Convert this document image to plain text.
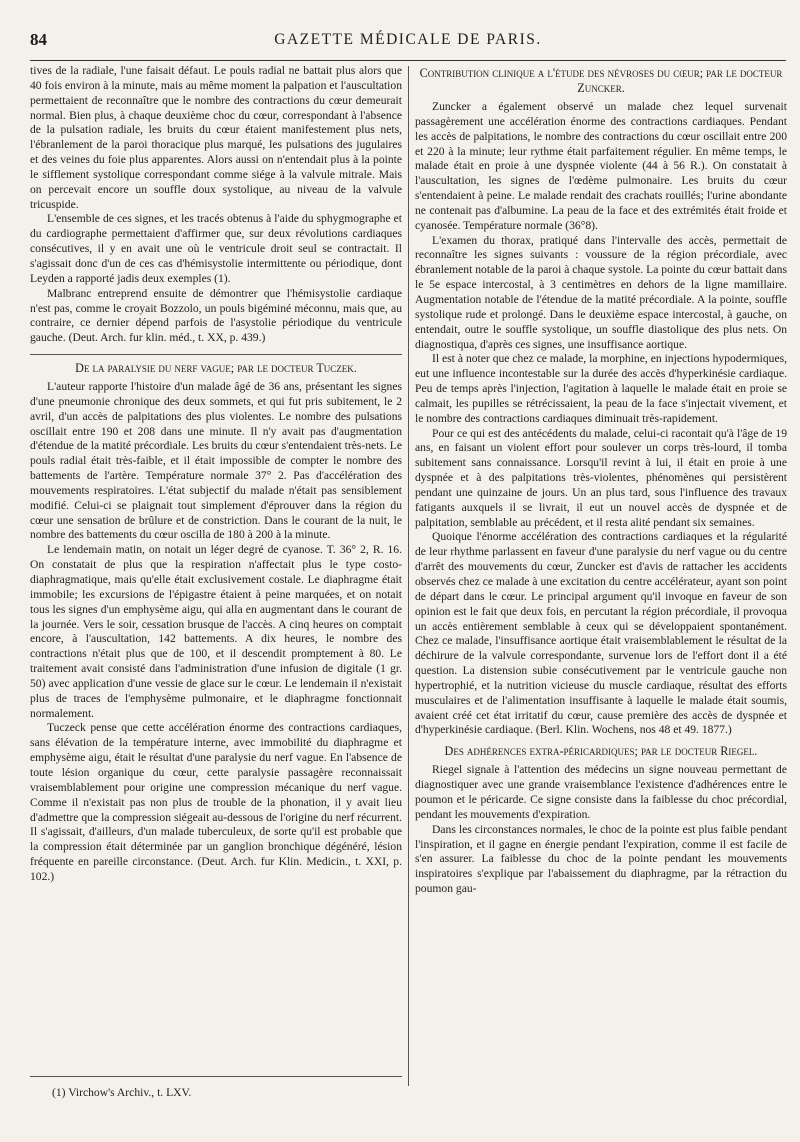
84	GAZETTE MÉDICALE DE PARIS.

tives de la radiale, l'une faisait défaut. Le pouls radial ne battait plus alors que 40 fois environ à la minute, mais au même moment la palpation et l'auscultation permettaient de reconnaître que le nombre des contractions du cœur demeurait normal. Bien plus, à chaque deuxième choc du cœur, correspondant à l'absence de la pulsation radiale, les bruits du cœur étaient manifestement plus nets, l'ébranlement de la paroi thoracique plus marqué, les pulsations des jugulaires et des veines du foie plus apparentes. Alors aussi on n'entendait plus à la pointe le sifflement systolique correspondant comme siége à la valvule mitrale. Mais on percevait encore un souffle doux systolique, au niveau de la valvule tricuspide.

L'ensemble de ces signes, et les tracés obtenus à l'aide du sphygmographe et du cardiographe permettaient d'affirmer que, sur deux révolutions cardiaques consécutives, il y en avait une où le ventricule droit seul se contractait. Il s'agissait donc d'un de ces cas d'hémisystolie intermittente ou périodique, dont Leyden a rapporté jadis deux exemples (1).

Malbranc entreprend ensuite de démontrer que l'hémisystolie cardiaque n'est pas, comme le croyait Bozzolo, un pouls bigéminé méconnu, mais que, au contraire, ce dernier dépend parfois de l'asystolie périodique du ventricule gauche. (Deut. Arch. fur klin. méd., t. XX, p. 439.)

De la paralysie du nerf vague; par le docteur Tuczek.

L'auteur rapporte l'histoire d'un malade âgé de 36 ans, présentant les signes d'une pneumonie chronique des deux sommets, et qui fut pris subitement, le 2 avril, d'un accès de palpitations des plus violentes. Le nombre des pulsations oscillait entre 190 et 208 dans une minute. Il n'y avait pas d'augmentation d'étendue de la matité précordiale. Les bruits du cœur s'entendaient très-nets. Le pouls radial était très-faible, et il était impossible de compter le nombre des battements de l'artère. Température normale 37° 2. Pas d'accélération des mouvements respiratoires. L'état subjectif du malade n'était pas sensiblement modifié. Celui-ci se plaignait tout simplement d'éprouver dans la région du cœur une sensation de brûlure et de constriction. Dans le courant de la nuit, le nombre des battements du cœur oscilla de 180 à 200 à la minute.

Le lendemain matin, on notait un léger degré de cyanose. T. 36° 2, R. 16. On constatait de plus que la respiration n'affectait plus le type costo-diaphragmatique, mais qu'elle était exclusivement costale. Le diaphragme était immobile; les excursions de l'épigastre étaient à peine marquées, et on notait tous les signes d'un emphysème aigu, qui alla en augmentant dans le courant de la journée. Vers le soir, cessation brusque de l'accès. A cinq heures on comptait encore, à l'auscultation, 142 battements. A dix heures, le nombre des contractions n'était plus que de 100, et il descendit promptement à 80. Le traitement avait consisté dans l'administration d'une infusion de digitale (1 gr. 50) avec application d'une vessie de glace sur le cœur. Le lendemain il n'existait plus de traces de l'emphysème pulmonaire, et le diaphragme fonctionnait normalement.

Tuczeck pense que cette accélération énorme des contractions cardiaques, sans élévation de la température interne, avec immobilité du diaphragme et emphysème aigu, était le résultat d'une paralysie du nerf vague. En l'absence de toute lésion organique du cœur, cette paralysie passagère reconnaissait vraisemblablement pour origine une compression mécanique du nerf vague. Comme il n'existait pas non plus de trouble de la phonation, il y avait lieu d'admettre que la compression siégeait au-dessous de l'origine du nerf récurrent. Il s'agissait, d'ailleurs, d'un malade tuberculeux, de sorte qu'il est probable que la compression était déterminée par un ganglion bronchique dégénéré, lésion fréquente en pareille circonstance. (Deut. Arch. fur Klin. Medicin., t. XXI, p. 102.)

Contribution clinique a l'étude des névroses du cœur; par le docteur Zuncker.

Zuncker a également observé un malade chez lequel survenait passagèrement une accélération énorme des contractions cardiaques. Pendant les accès de palpitations, le nombre des contractions du cœur oscillait entre 200 et 220 à la minute; leur rythme était parfaitement régulier. En même temps, le malade était en proie à une dyspnée violente (44 à 56 R.). On constatait à l'auscultation, les signes de l'œdème pulmonaire. Les bruits du cœur s'entendaient à peine. Le malade rendait des crachats rouillés; l'urine abondante ne contenait pas d'albumine. La peau de la face et des extrémités était froide et cyanosée. Température normale (36°8).

L'examen du thorax, pratiqué dans l'intervalle des accès, permettait de reconnaître les signes suivants : voussure de la région précordiale, avec ébranlement notable de la paroi à chaque systole. La pointe du cœur battait dans le 5e espace intercostal, à 3 centimètres en dehors de la ligne mamillaire. Augmentation notable de l'étendue de la matité précordiale. A la pointe, souffle systolique rude et prolongé. Dans le deuxième espace intercostal, à gauche, on entendait, outre le souffle systolique, un souffle diastolique des plus nets. On diagnostiqua, d'après ces signes, une insuffisance aortique.

Il est à noter que chez ce malade, la morphine, en injections hypodermiques, eut une influence incontestable sur la durée des accès d'hyperkinésie cardiaque. Peu de temps après l'injection, l'agitation à laquelle le malade était en proie se calmait, les pupilles se rétrécissaient, la peau de la face s'injectait vivement, et le nombre des contractions cardiaques diminuait très-rapidement.

Pour ce qui est des antécédents du malade, celui-ci racontait qu'à l'âge de 19 ans, en faisant un violent effort pour soulever un corps très-lourd, il tomba subitement sans connaissance. Lorsqu'il revint à lui, il était en proie à une dyspnée et à des palpitations très-violentes, phénomènes qui persistèrent pendant une quinzaine de jours. Un an plus tard, sous l'influence des travaux fatigants auxquels il se livrait, il eut un nouvel accès de dyspnée et de palpitation, semblable au précédent, et il resta alité pendant six semaines.

Quoique l'énorme accélération des contractions cardiaques et la régularité de leur rhythme parlassent en faveur d'une paralysie du nerf vague ou du centre d'arrêt des mouvements du cœur, Zuncker est d'avis de rattacher les accidents observés chez ce malade à une excitation du centre accélérateur, ayant son point de départ dans le cœur. Le principal argument qu'il invoque en faveur de son opinion est le fait que deux fois, en percutant la région précordiale, il provoqua un accès entièrement semblable à ceux qui se développaient spontanément. Chez ce malade, l'insuffisance aortique était vraisemblablement le résultat de la déchirure de la valvule correspondante, survenue lors de l'effort dont il a été question. La distension subie consécutivement par le ventricule gauche non hypertrophié, et la nutrition vicieuse du muscle cardiaque, résultat des efforts musculaires et de l'alimentation insuffisante à laquelle le malade était soumis, avaient créé cet état irritatif du cœur, cause première des accès de dyspnée et d'hyperkinésie cardiaque. (Berl. Klin. Wochens, nos 48 et 49. 1877.)

Des adhérences extra-péricardiques; par le docteur Riegel.

Riegel signale à l'attention des médecins un signe nouveau permettant de diagnostiquer avec une grande vraisemblance l'existence d'adhérences entre le poumon et le péricarde. Ce signe consiste dans la faiblesse du choc précordial, pendant les mouvements d'expiration.

Dans les circonstances normales, le choc de la pointe est plus faible pendant l'inspiration, et il gagne en énergie pendant l'expiration, comme il est facile de s'en assurer. La faiblesse du choc de la pointe pendant les mouvements inspiratoires s'explique par l'abaissement du diaphragme, par la rétraction du poumon gau-

(1) Virchow's Archiv., t. LXV.
